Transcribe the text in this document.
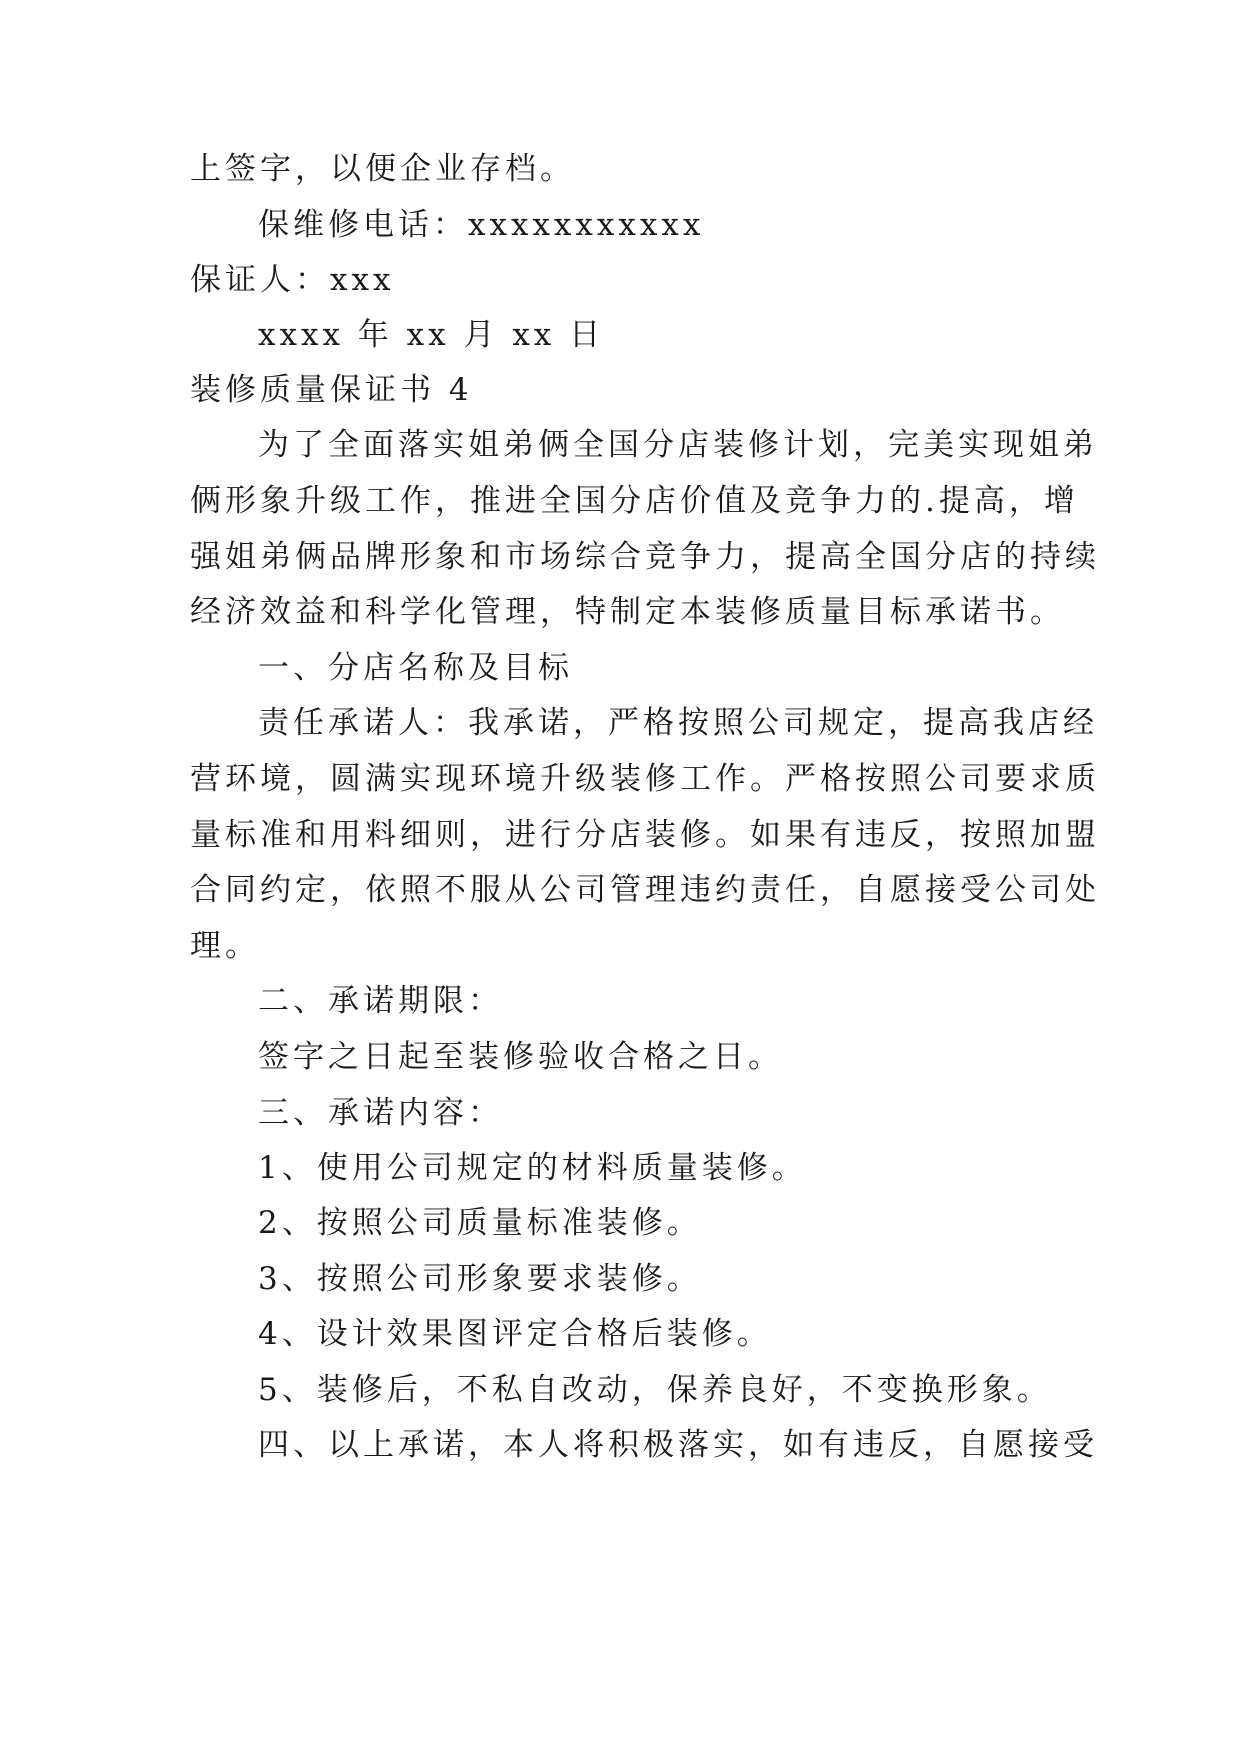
上签字，以便企业存档。
保维修电话：xxxxxxxxxxx
保证人：xxx
xxxx 年 xx 月 xx 日
装修质量保证书 4
为了全面落实姐弟俩全国分店装修计划，完美实现姐弟
俩形象升级工作，推进全国分店价值及竞争力的.提高，增
强姐弟俩品牌形象和市场综合竞争力，提高全国分店的持续
经济效益和科学化管理，特制定本装修质量目标承诺书。
一、分店名称及目标
责任承诺人：我承诺，严格按照公司规定，提高我店经
营环境，圆满实现环境升级装修工作。严格按照公司要求质
量标准和用料细则，进行分店装修。如果有违反，按照加盟
合同约定，依照不服从公司管理违约责任，自愿接受公司处
理。
二、承诺期限：
签字之日起至装修验收合格之日。
三、承诺内容：
1、使用公司规定的材料质量装修。
2、按照公司质量标准装修。
3、按照公司形象要求装修。
4、设计效果图评定合格后装修。
5、装修后，不私自改动，保养良好，不变换形象。
四、以上承诺，本人将积极落实，如有违反，自愿接受
